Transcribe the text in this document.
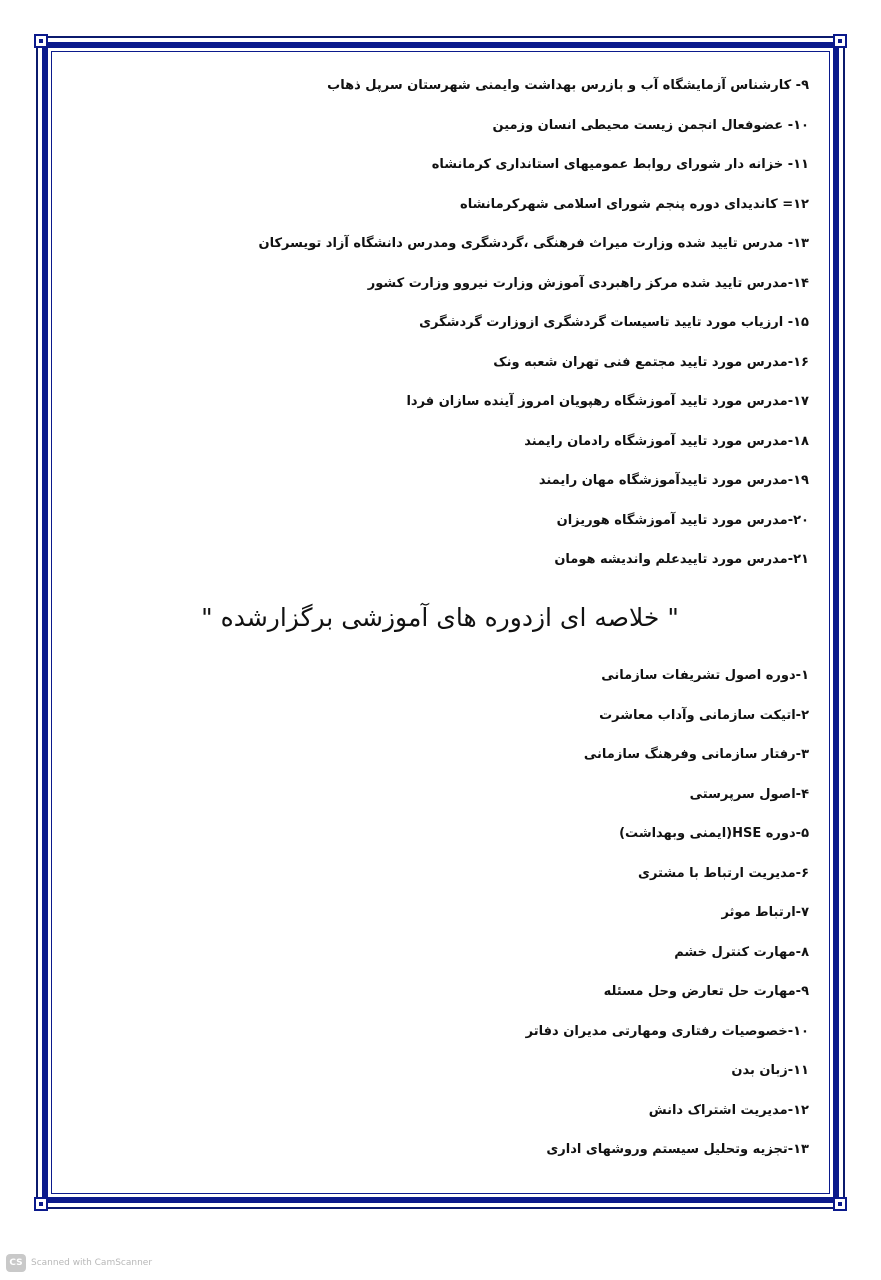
۹- کارشناس آزمایشگاه آب و بازرس بهداشت وایمنی شهرستان سرپل ذهاب
۱۰- عضوفعال انجمن زیست محیطی انسان وزمین
۱۱- خزانه دار شورای روابط عمومیهای استانداری کرمانشاه
۱۲= کاندیدای دوره پنجم شورای اسلامی شهرکرمانشاه
۱۳- مدرس تایید شده وزارت میراث فرهنگی ،گردشگری ومدرس دانشگاه آزاد تویسرکان
۱۴-مدرس تایید شده مرکز راهبردی آموزش وزارت نیروو وزارت کشور
۱۵- ارزیاب مورد تایید تاسیسات گردشگری ازوزارت گردشگری
۱۶-مدرس مورد تایید مجتمع فنی تهران شعبه ونک
۱۷-مدرس مورد تایید آموزشگاه رهپویان امروز آینده سازان فردا
۱۸-مدرس مورد تایید آموزشگاه رادمان رایمند
۱۹-مدرس مورد تاییدآموزشگاه مهان رایمند
۲۰-مدرس مورد تایید آموزشگاه هوریزان
۲۱-مدرس مورد تاییدعلم واندیشه هومان
" خلاصه ای ازدوره های آموزشی برگزارشده "
۱-دوره اصول تشریفات سازمانی
۲-اتیکت سازمانی وآداب معاشرت
۳-رفتار سازمانی وفرهنگ سازمانی
۴-اصول سرپرستی
۵-دوره HSE(ایمنی وبهداشت)
۶-مدیریت ارتباط با مشتری
۷-ارتباط موثر
۸-مهارت کنترل خشم
۹-مهارت حل تعارض وحل مسئله
۱۰-خصوصیات رفتاری ومهارتی مدیران دفاتر
۱۱-زبان بدن
۱۲-مدیریت اشتراک دانش
۱۳-تجزیه وتحلیل سیستم وروشهای اداری
CS Scanned with CamScanner
